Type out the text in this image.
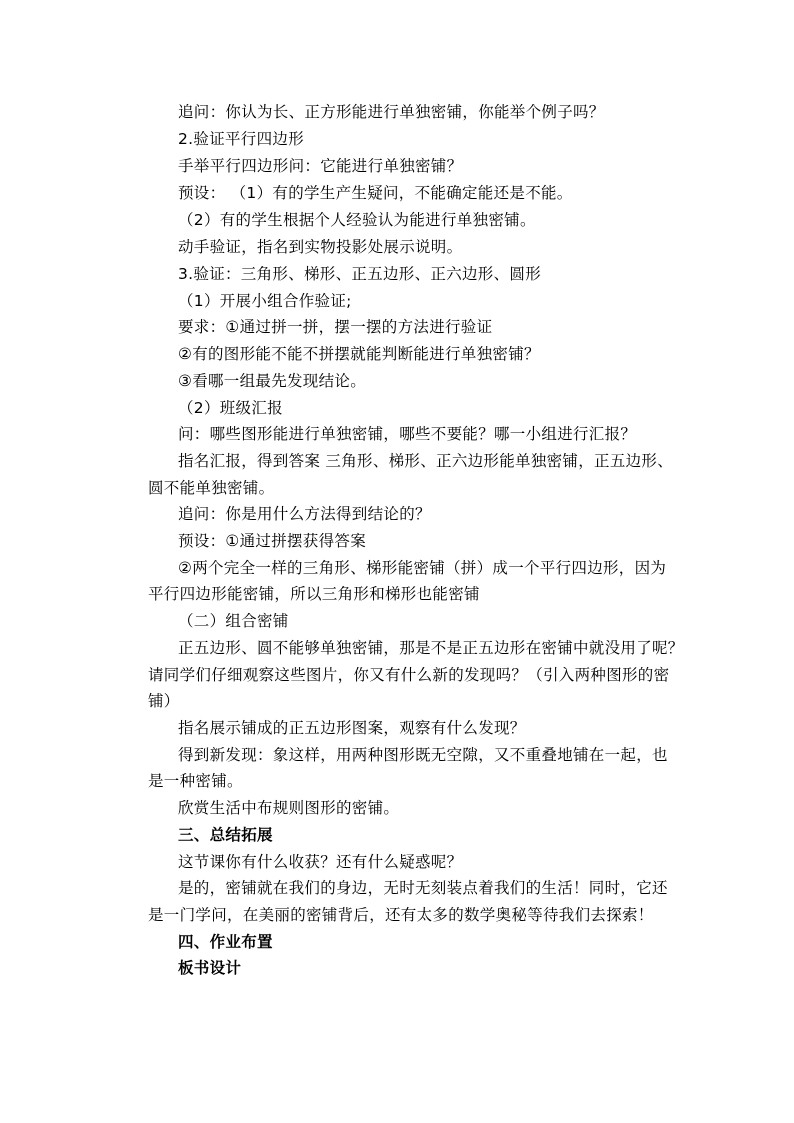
追问：你认为长、正方形能进行单独密铺，你能举个例子吗？
2.验证平行四边形
手举平行四边形问：它能进行单独密铺？
预设： （1）有的学生产生疑问，不能确定能还是不能。
（2）有的学生根据个人经验认为能进行单独密铺。
动手验证，指名到实物投影处展示说明。
3.验证：三角形、梯形、正五边形、正六边形、圆形
（1）开展小组合作验证;
要求：①通过拼一拼，摆一摆的方法进行验证
②有的图形能不能不拼摆就能判断能进行单独密铺？
③看哪一组最先发现结论。
（2）班级汇报
问：哪些图形能进行单独密铺，哪些不要能？哪一小组进行汇报？
指名汇报，得到答案 三角形、梯形、正六边形能单独密铺，正五边形、
圆不能单独密铺。
追问：你是用什么方法得到结论的？
预设：①通过拼摆获得答案
②两个完全一样的三角形、梯形能密铺（拼）成一个平行四边形，因为
平行四边形能密铺，所以三角形和梯形也能密铺
（二）组合密铺
正五边形、圆不能够单独密铺，那是不是正五边形在密铺中就没用了呢？
请同学们仔细观察这些图片，你又有什么新的发现吗？（引入两种图形的密
铺）
指名展示铺成的正五边形图案，观察有什么发现？
得到新发现：象这样，用两种图形既无空隙，又不重叠地铺在一起，也
是一种密铺。
欣赏生活中布规则图形的密铺。
三、总结拓展
这节课你有什么收获？还有什么疑惑呢？
是的，密铺就在我们的身边，无时无刻装点着我们的生活！同时，它还
是一门学问，在美丽的密铺背后，还有太多的数学奥秘等待我们去探索！
四、作业布置
板书设计
